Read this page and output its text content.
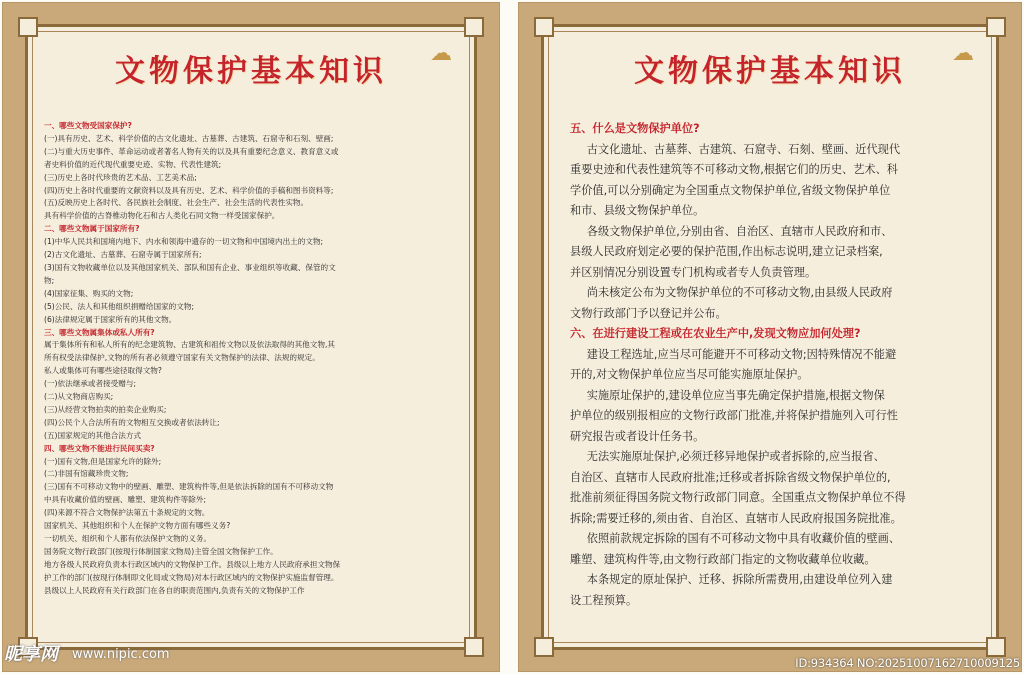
☁
文物保护基本知识
一、哪些文物受国家保护?
(一)具有历史、艺术、科学价值的古文化遗址、古墓葬、古建筑、石窟寺和石刻、壁画;
(二)与重大历史事件、革命运动或者著名人物有关的以及具有重要纪念意义、教育意义或
者史料价值的近代现代重要史迹、实物、代表性建筑;
(三)历史上各时代珍贵的艺术品、工艺美术品;
(四)历史上各时代重要的文献资料以及具有历史、艺术、科学价值的手稿和图书资料等;
(五)反映历史上各时代、各民族社会制度、社会生产、社会生活的代表性实物。
具有科学价值的古脊椎动物化石和古人类化石同文物一样受国家保护。
二、哪些文物属于国家所有?
(1)中华人民共和国境内地下、内水和领海中遗存的一切文物和中国境内出土的文物;
(2)古文化遗址、古墓葬、石窟寺属于国家所有;
(3)国有文物收藏单位以及其他国家机关、部队和国有企业、事业组织等收藏、保管的文
物;
(4)国家征集、购买的文物;
(5)公民、法人和其他组织捐赠给国家的文物;
(6)法律规定属于国家所有的其他文物。
三、哪些文物属集体或私人所有?
属于集体所有和私人所有的纪念建筑物、古建筑和祖传文物以及依法取得的其他文物,其
所有权受法律保护,文物的所有者必须遵守国家有关文物保护的法律、法规的规定。
私人或集体可有哪些途径取得文物?
(一)依法继承或者接受赠与;
(二)从文物商店购买;
(三)从经营文物拍卖的拍卖企业购买;
(四)公民个人合法所有的文物相互交换或者依法转让;
(五)国家规定的其他合法方式
四、哪些文物不能进行民间买卖?
(一)国有文物,但是国家允许的除外;
(二)非国有馆藏珍贵文物;
(三)国有不可移动文物中的壁画、雕塑、建筑构件等,但是依法拆除的国有不可移动文物
中具有收藏价值的壁画、雕塑、建筑构件等除外;
(四)来源不符合文物保护法第五十条规定的文物。
国家机关、其他组织和个人在保护文物方面有哪些义务?
一切机关、组织和个人都有依法保护文物的义务。
国务院文物行政部门(按现行体制国家文物局)主管全国文物保护工作。
地方各级人民政府负责本行政区域内的文物保护工作。县级以上地方人民政府承担文物保
护工作的部门(按现行体制即文化局或文物局)对本行政区域内的文物保护实施监督管理。
县级以上人民政府有关行政部门在各自的职责范围内,负责有关的文物保护工作
☁
文物保护基本知识
五、什么是文物保护单位?
古文化遗址、古墓葬、古建筑、石窟寺、石刻、壁画、近代现代
重要史迹和代表性建筑等不可移动文物,根据它们的历史、艺术、科
学价值,可以分别确定为全国重点文物保护单位,省级文物保护单位
和市、县级文物保护单位。
各级文物保护单位,分别由省、自治区、直辖市人民政府和市、
县级人民政府划定必要的保护范围,作出标志说明,建立记录档案,
并区别情况分别设置专门机构或者专人负责管理。
尚未核定公布为文物保护单位的不可移动文物,由县级人民政府
文物行政部门予以登记并公布。
六、在进行建设工程或在农业生产中,发现文物应加何处理?
建设工程选址,应当尽可能避开不可移动文物;因特殊情况不能避
开的,对文物保护单位应当尽可能实施原址保护。
实施原址保护的,建设单位应当事先确定保护措施,根据文物保
护单位的级别报相应的文物行政部门批准,并将保护措施列入可行性
研究报告或者设计任务书。
无法实施原址保护,必须迁移异地保护或者拆除的,应当报省、
自治区、直辖市人民政府批准;迁移或者拆除省级文物保护单位的,
批准前须征得国务院文物行政部门同意。全国重点文物保护单位不得
拆除;需要迁移的,须由省、自治区、直辖市人民政府报国务院批准。
依照前款规定拆除的国有不可移动文物中具有收藏价值的壁画、
雕塑、建筑构件等,由文物行政部门指定的文物收藏单位收藏。
本条规定的原址保护、迁移、拆除所需费用,由建设单位列入建
设工程预算。
昵享网 www.nipic.com
ID:934364 NO:20251007162710009125
